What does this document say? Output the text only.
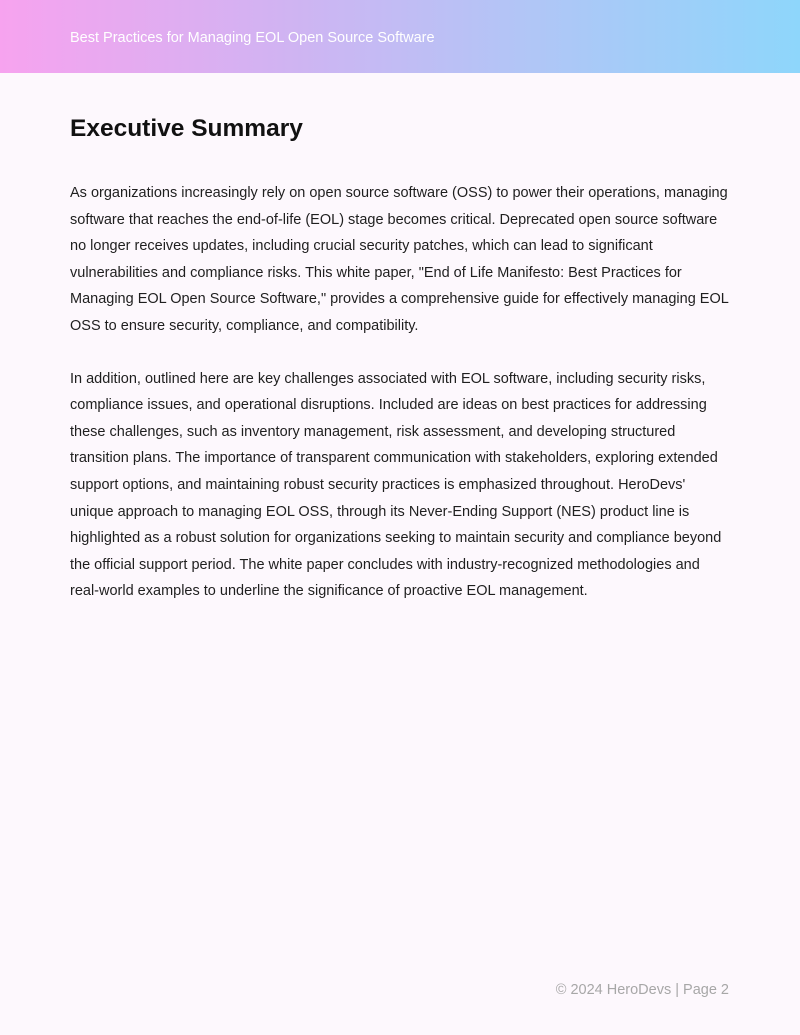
Best Practices for Managing EOL Open Source Software
Executive Summary

As organizations increasingly rely on open source software (OSS) to power their operations, managing software that reaches the end-of-life (EOL) stage becomes critical. Deprecated open source software no longer receives updates, including crucial security patches, which can lead to significant vulnerabilities and compliance risks. This white paper, "End of Life Manifesto: Best Practices for Managing EOL Open Source Software," provides a comprehensive guide for effectively managing EOL OSS to ensure security, compliance, and compatibility.

In addition, outlined here are key challenges associated with EOL software, including security risks, compliance issues, and operational disruptions. Included are ideas on best practices for addressing these challenges, such as inventory management, risk assessment, and developing structured transition plans. The importance of transparent communication with stakeholders, exploring extended support options, and maintaining robust security practices is emphasized throughout. HeroDevs' unique approach to managing EOL OSS, through its Never-Ending Support (NES) product line is highlighted as a robust solution for organizations seeking to maintain security and compliance beyond the official support period. The white paper concludes with industry-recognized methodologies and real-world examples to underline the significance of proactive EOL management.

© 2024 HeroDevs | Page 2
